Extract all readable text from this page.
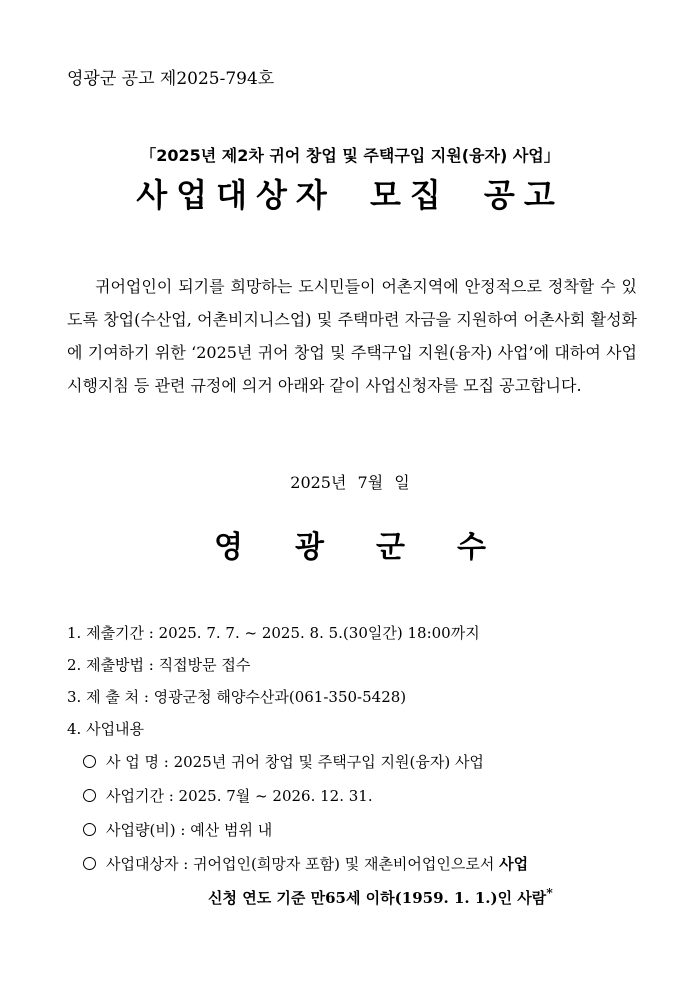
영광군 공고 제2025-794호
「2025년 제2차 귀어 창업 및 주택구입 지원(융자) 사업」
사업대상자 모집 공고
귀어업인이 되기를 희망하는 도시민들이 어촌지역에 안정적으로 정착할 수 있도록 창업(수산업, 어촌비지니스업) 및 주택마련 자금을 지원하여 어촌사회 활성화에 기여하기 위한 ‘2025년 귀어 창업 및 주택구입 지원(융자) 사업’에 대하여 사업시행지침 등 관련 규정에 의거 아래와 같이 사업신청자를 모집 공고합니다.
2025년 7월 일
영광군수
1. 제출기간 : 2025. 7. 7. ~ 2025. 8. 5.(30일간) 18:00까지
2. 제출방법 : 직접방문 접수
3. 제 출 처 : 영광군청 해양수산과(061-350-5428)
4. 사업내용
사 업 명 : 2025년 귀어 창업 및 주택구입 지원(융자) 사업
사업기간 : 2025. 7월 ~ 2026. 12. 31.
사업량(비) : 예산 범위 내
사업대상자 : 귀어업인(희망자 포함) 및 재촌비어업인으로서 사업
신청 연도 기준 만65세 이하(1959. 1. 1.)인 사람*
